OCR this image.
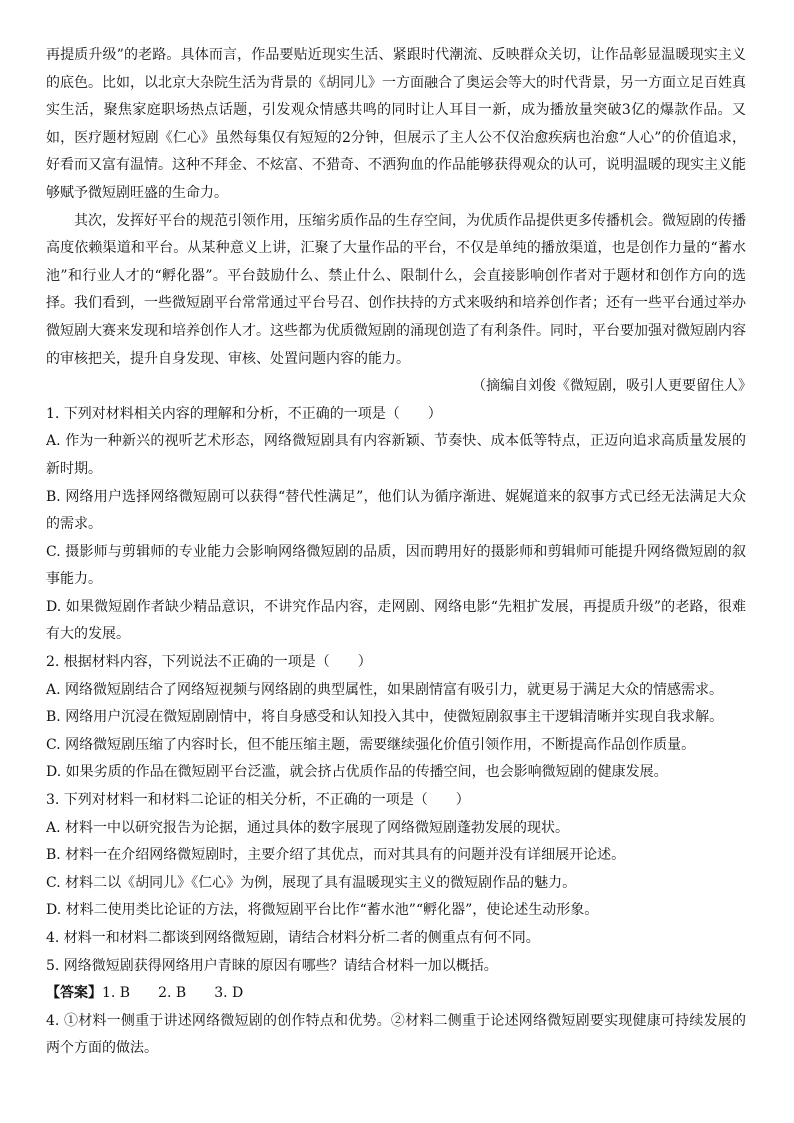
再提质升级”的老路。具体而言，作品要贴近现实生活、紧跟时代潮流、反映群众关切，让作品彰显温暖现实主义的底色。比如，以北京大杂院生活为背景的《胡同儿》一方面融合了奥运会等大的时代背景，另一方面立足百姓真实生活，聚焦家庭职场热点话题，引发观众情感共鸣的同时让人耳目一新，成为播放量突破3亿的爆款作品。又如，医疗题材短剧《仁心》虽然每集仅有短短的2分钟，但展示了主人公不仅治愈疾病也治愈“人心”的价值追求，好看而又富有温情。这种不拜金、不炫富、不猎奇、不洒狗血的作品能够获得观众的认可，说明温暖的现实主义能够赋予微短剧旺盛的生命力。

其次，发挥好平台的规范引领作用，压缩劣质作品的生存空间，为优质作品提供更多传播机会。微短剧的传播高度依赖渠道和平台。从某种意义上讲，汇聚了大量作品的平台，不仅是单纯的播放渠道，也是创作力量的“蓄水池”和行业人才的“孵化器”。平台鼓励什么、禁止什么、限制什么，会直接影响创作者对于题材和创作方向的选择。我们看到，一些微短剧平台常常通过平台号召、创作扶持的方式来吸纳和培养创作者；还有一些平台通过举办微短剧大赛来发现和培养创作人才。这些都为优质微短剧的涌现创造了有利条件。同时，平台要加强对微短剧内容的审核把关，提升自身发现、审核、处置问题内容的能力。

（摘编自刘俊《微短剧，吸引人更要留住人》

1. 下列对材料相关内容的理解和分析，不正确的一项是（　　）

A. 作为一种新兴的视听艺术形态，网络微短剧具有内容新颖、节奏快、成本低等特点，正迈向追求高质量发展的新时期。

B. 网络用户选择网络微短剧可以获得“替代性满足”，他们认为循序渐进、娓娓道来的叙事方式已经无法满足大众的需求。

C. 摄影师与剪辑师的专业能力会影响网络微短剧的品质，因而聘用好的摄影师和剪辑师可能提升网络微短剧的叙事能力。

D. 如果微短剧作者缺少精品意识，不讲究作品内容，走网剧、网络电影“先粗扩发展，再提质升级”的老路，很难有大的发展。

2. 根据材料内容，下列说法不正确的一项是（　　）

A. 网络微短剧结合了网络短视频与网络剧的典型属性，如果剧情富有吸引力，就更易于满足大众的情感需求。

B. 网络用户沉浸在微短剧剧情中，将自身感受和认知投入其中，使微短剧叙事主干逻辑清晰并实现自我求解。

C. 网络微短剧压缩了内容时长，但不能压缩主题，需要继续强化价值引领作用，不断提高作品创作质量。

D. 如果劣质的作品在微短剧平台泛滥，就会挤占优质作品的传播空间，也会影响微短剧的健康发展。

3. 下列对材料一和材料二论证的相关分析，不正确的一项是（　　）

A. 材料一中以研究报告为论据，通过具体的数字展现了网络微短剧蓬勃发展的现状。

B. 材料一在介绍网络微短剧时，主要介绍了其优点，而对其具有的问题并没有详细展开论述。

C. 材料二以《胡同儿》《仁心》为例，展现了具有温暖现实主义的微短剧作品的魅力。

D. 材料二使用类比论证的方法，将微短剧平台比作“蓄水池”“孵化器”，使论述生动形象。

4. 材料一和材料二都谈到网络微短剧，请结合材料分析二者的侧重点有何不同。

5. 网络微短剧获得网络用户青睐的原因有哪些？请结合材料一加以概括。

【答案】1. B　　2. B　　3. D

4. ①材料一侧重于讲述网络微短剧的创作特点和优势。②材料二侧重于论述网络微短剧要实现健康可持续发展的两个方面的做法。
